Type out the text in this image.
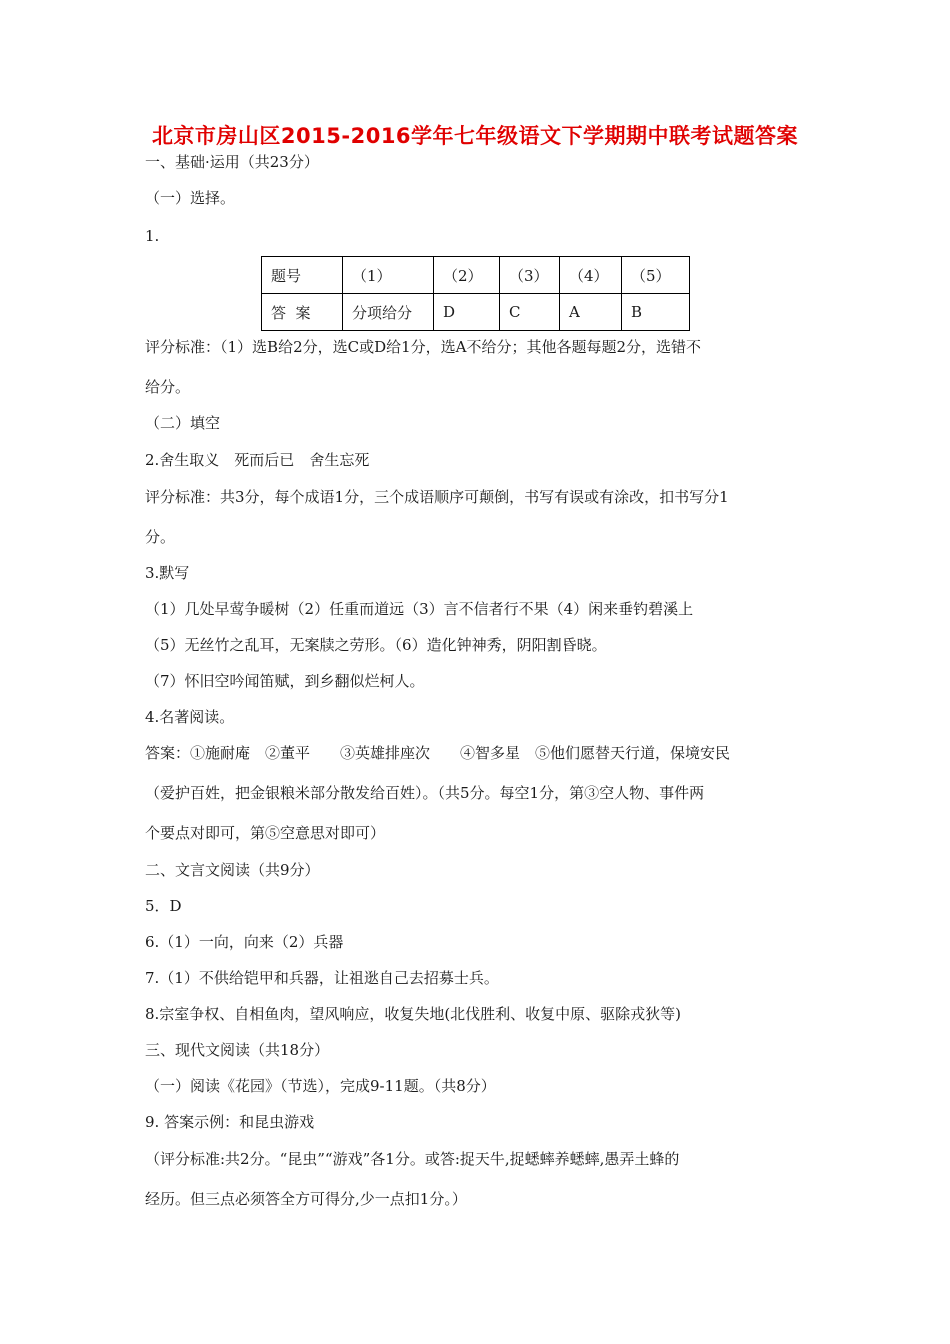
北京市房山区2015-2016学年七年级语文下学期期中联考试题答案
一、基础·运用（共23分）
（一）选择。
1.
题号	（1）	（2）	（3）	（4）	（5）
答  案	分项给分	D	C	A	B
评分标准：（1）选B给2分，选C或D给1分，选A不给分；其他各题每题2分，选错不
给分。
（二）填空
2.舍生取义　死而后已　舍生忘死
评分标准：共3分，每个成语1分，三个成语顺序可颠倒，书写有误或有涂改，扣书写分1
分。
3.默写
（1）几处早莺争暖树（2）任重而道远（3）言不信者行不果（4）闲来垂钓碧溪上
（5）无丝竹之乱耳，无案牍之劳形。（6）造化钟神秀，阴阳割昏晓。
（7）怀旧空吟闻笛赋，到乡翻似烂柯人。
4.名著阅读。
答案：①施耐庵　②董平　　③英雄排座次　　④智多星　⑤他们愿替天行道，保境安民
（爱护百姓，把金银粮米部分散发给百姓）。（共5分。每空1分，第③空人物、事件两
个要点对即可，第⑤空意思对即可）
二、文言文阅读（共9分）
5．D
6.（1）一向，向来（2）兵器
7.（1）不供给铠甲和兵器，让祖逖自己去招募士兵。
8.宗室争权、自相鱼肉，望风响应，收复失地(北伐胜利、收复中原、驱除戎狄等)
三、现代文阅读（共18分）
（一）阅读《花园》（节选），完成9-11题。（共8分）
9. 答案示例：和昆虫游戏
（评分标准:共2分。“昆虫”“游戏”各1分。或答:捉天牛,捉蟋蟀养蟋蟀,愚弄土蜂的
经历。但三点必须答全方可得分,少一点扣1分。）
